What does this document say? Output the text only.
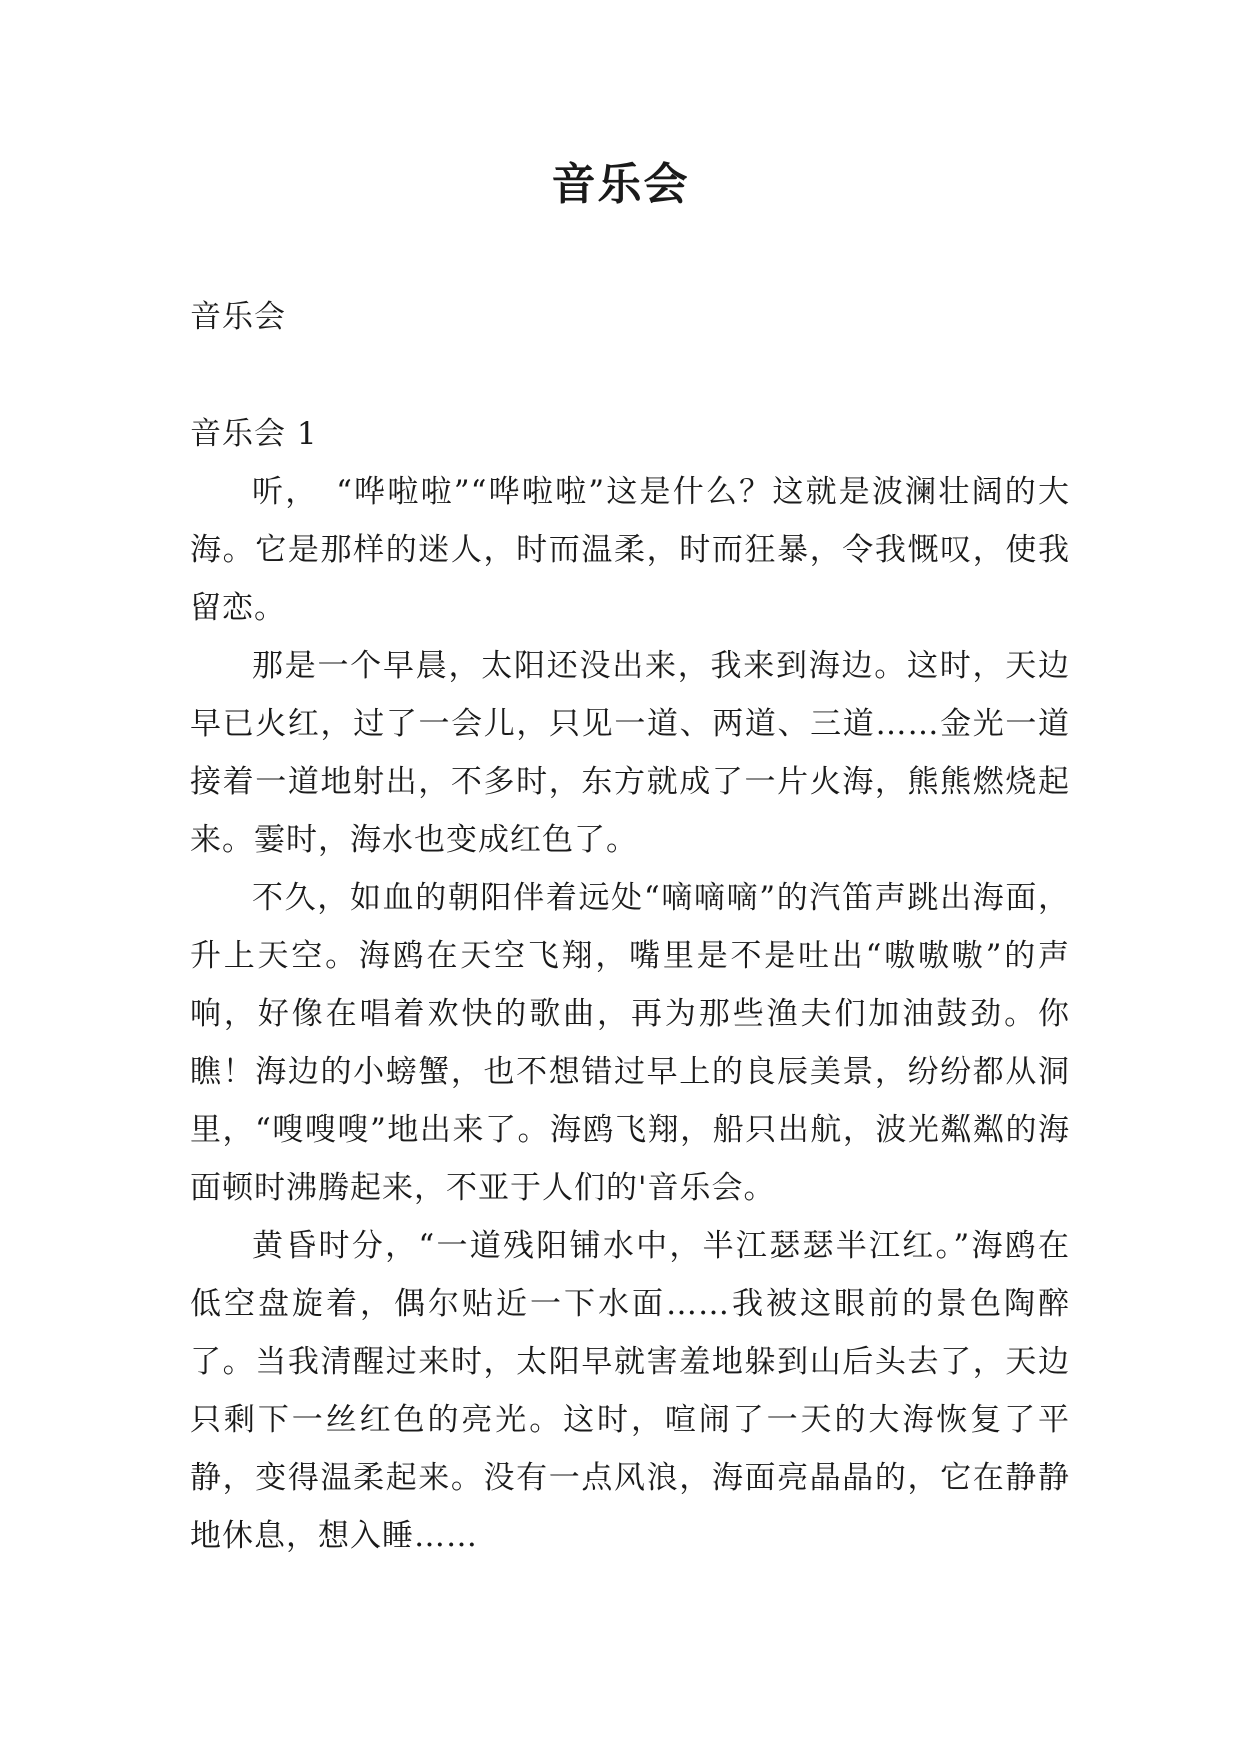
音乐会
音乐会
音乐会 1

听，　“哗啦啦”“哗啦啦”这是什么？这就是波澜壮阔的大海。它是那样的迷人，时而温柔，时而狂暴，令我慨叹，使我留恋。

那是一个早晨，太阳还没出来，我来到海边。这时，天边早已火红，过了一会儿，只见一道、两道、三道……金光一道接着一道地射出，不多时，东方就成了一片火海，熊熊燃烧起来。霎时，海水也变成红色了。

不久，如血的朝阳伴着远处“嘀嘀嘀”的汽笛声跳出海面，升上天空。海鸥在天空飞翔，嘴里是不是吐出“嗷嗷嗷”的声响，好像在唱着欢快的歌曲，再为那些渔夫们加油鼓劲。你瞧！海边的小螃蟹，也不想错过早上的良辰美景，纷纷都从洞里，“嗖嗖嗖”地出来了。海鸥飞翔，船只出航，波光粼粼的海面顿时沸腾起来，不亚于人们的'音乐会。

黄昏时分，“一道残阳铺水中，半江瑟瑟半江红。”海鸥在低空盘旋着，偶尔贴近一下水面……我被这眼前的景色陶醉了。当我清醒过来时，太阳早就害羞地躲到山后头去了，天边只剩下一丝红色的亮光。这时，喧闹了一天的大海恢复了平静，变得温柔起来。没有一点风浪，海面亮晶晶的，它在静静地休息，想入睡……
